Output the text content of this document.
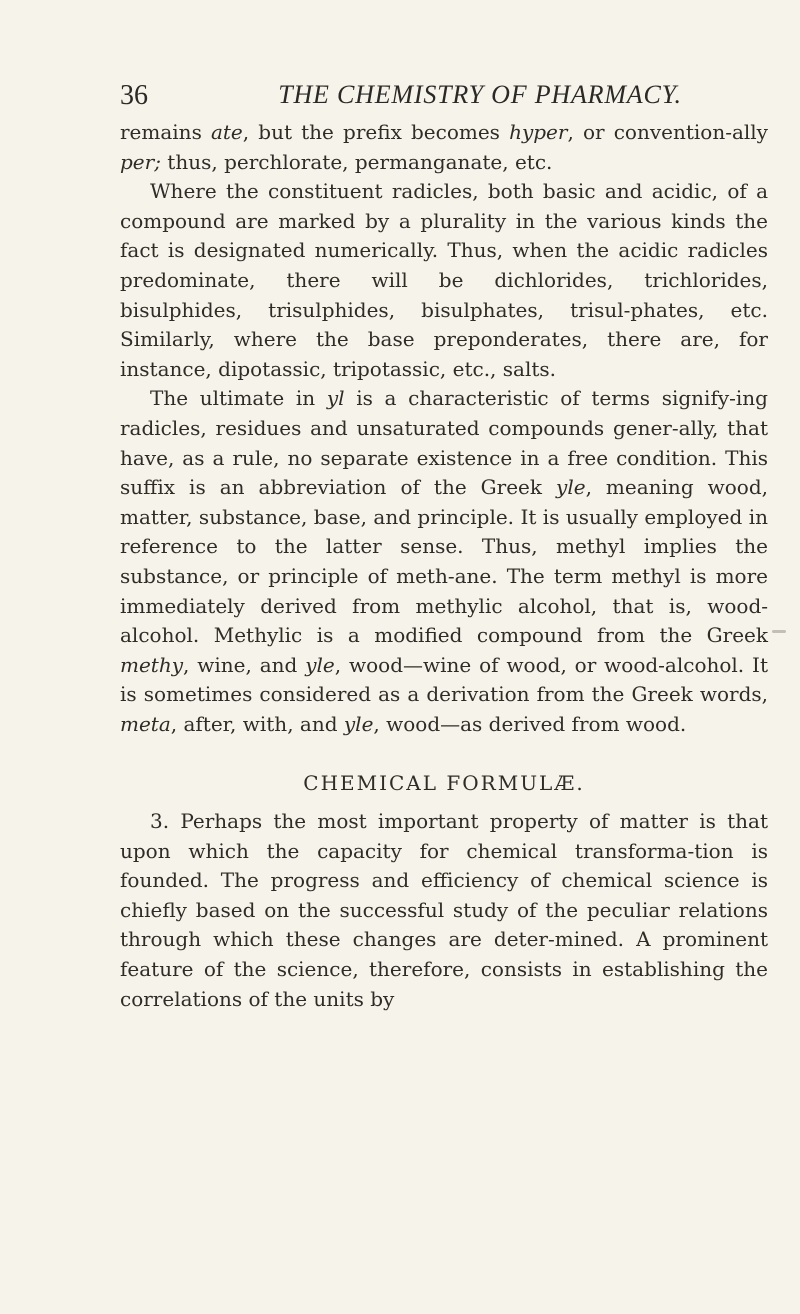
36	THE CHEMISTRY OF PHARMACY.

remains ate, but the prefix becomes hyper, or convention-ally per; thus, perchlorate, permanganate, etc.

Where the constituent radicles, both basic and acidic, of a compound are marked by a plurality in the various kinds the fact is designated numerically. Thus, when the acidic radicles predominate, there will be dichlorides, trichlorides, bisulphides, trisulphides, bisulphates, trisul-phates, etc. Similarly, where the base preponderates, there are, for instance, dipotassic, tripotassic, etc., salts.

The ultimate in yl is a characteristic of terms signify-ing radicles, residues and unsaturated compounds gener-ally, that have, as a rule, no separate existence in a free condition. This suffix is an abbreviation of the Greek yle, meaning wood, matter, substance, base, and principle. It is usually employed in reference to the latter sense. Thus, methyl implies the substance, or principle of meth-ane. The term methyl is more immediately derived from methylic alcohol, that is, wood-alcohol. Methylic is a modified compound from the Greek methy, wine, and yle, wood—wine of wood, or wood-alcohol. It is sometimes considered as a derivation from the Greek words, meta, after, with, and yle, wood—as derived from wood.

CHEMICAL FORMULÆ.

3. Perhaps the most important property of matter is that upon which the capacity for chemical transforma-tion is founded. The progress and efficiency of chemical science is chiefly based on the successful study of the peculiar relations through which these changes are deter-mined. A prominent feature of the science, therefore, consists in establishing the correlations of the units by
